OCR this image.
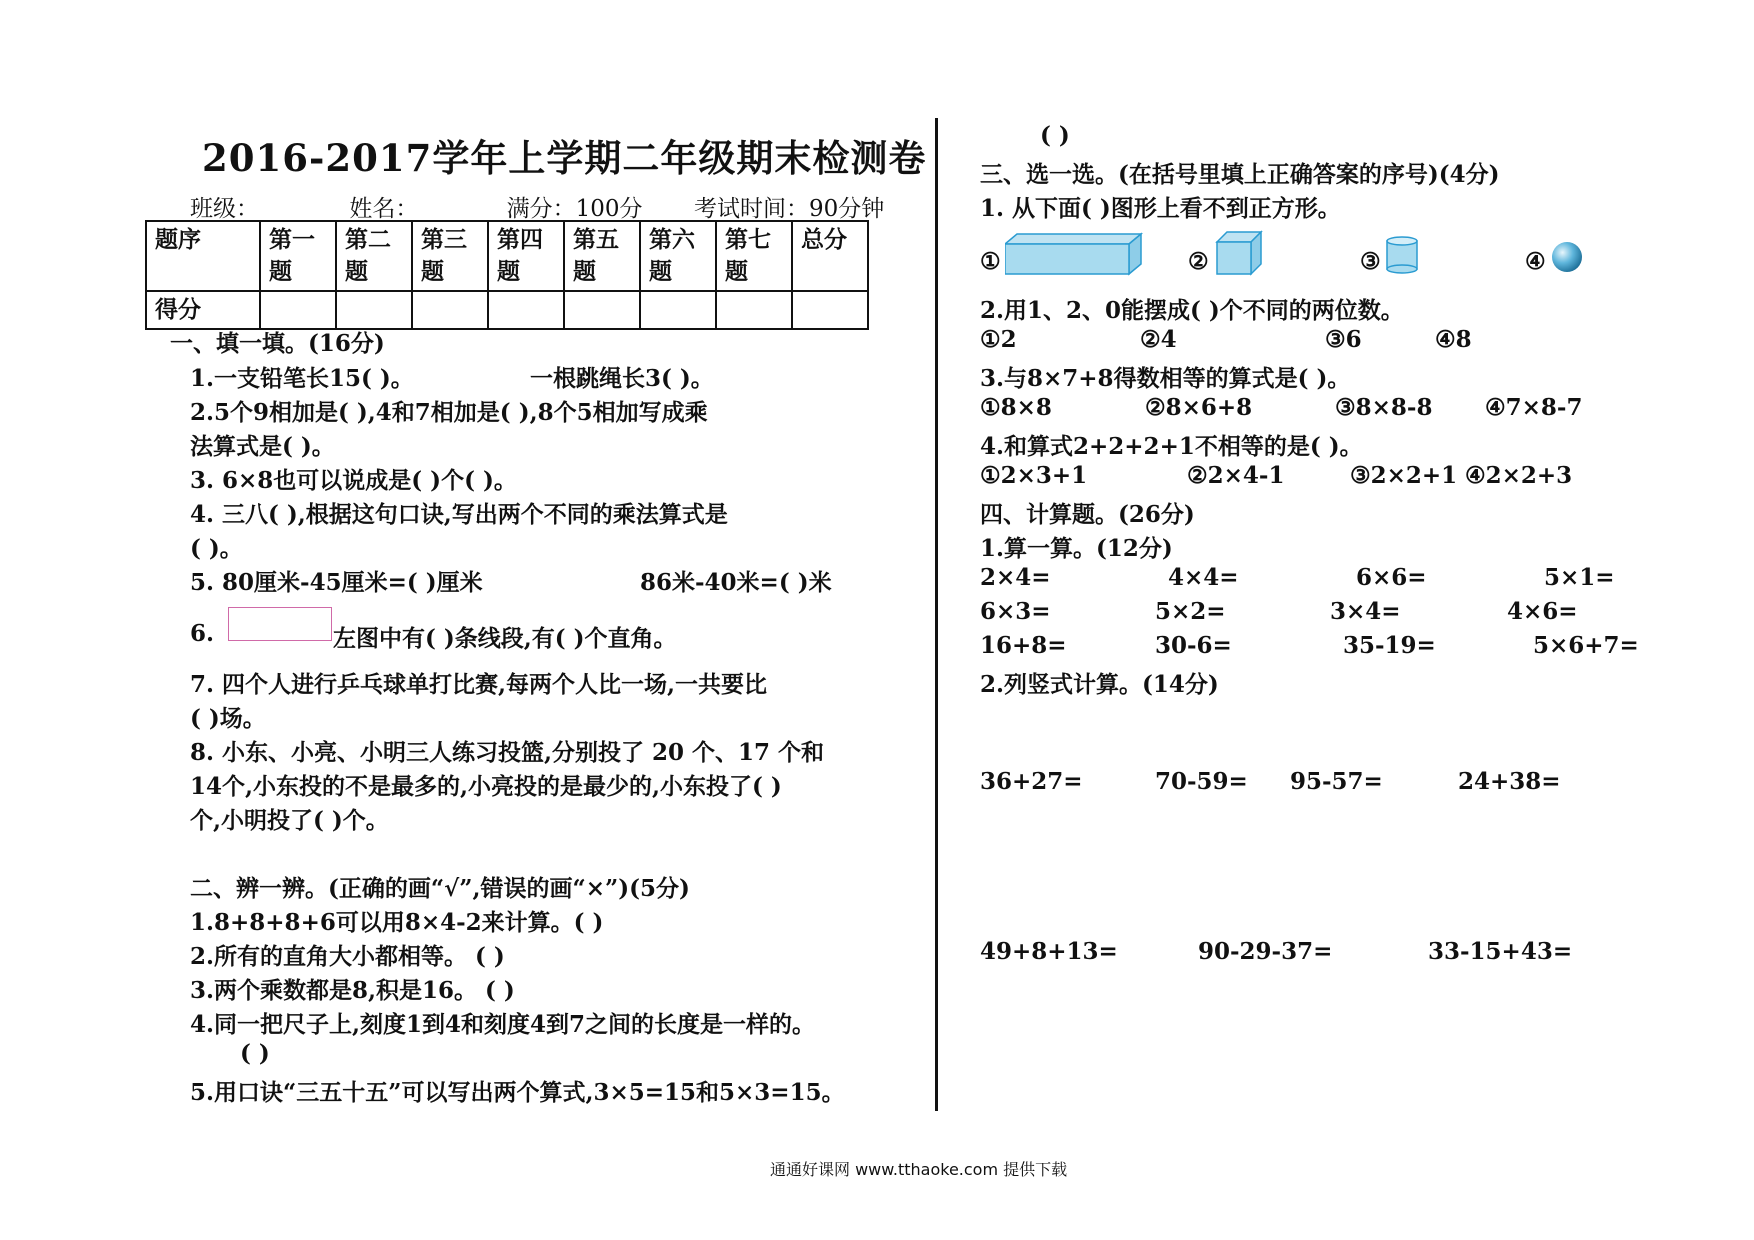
2016-2017学年上学期二年级期末检测卷
班级：	姓名：	满分：100分 考试时间：90分钟
题序	第一题	第二题	第三题	第四题	第五题	第六题	第七题	总分
得分								
一、填一填。(16分)
1.一支铅笔长15( )。	一根跳绳长3( )。
2.5个9相加是( ),4和7相加是( ),8个5相加写成乘
法算式是( )。
3. 6×8也可以说成是( )个( )。
4. 三八( ),根据这句口诀,写出两个不同的乘法算式是
( )。
5. 80厘米-45厘米=( )厘米	86米-40米=( )米
6.	左图中有( )条线段,有( )个直角。
7. 四个人进行乒乓球单打比赛,每两个人比一场,一共要比
( )场。
8. 小东、小亮、小明三人练习投篮,分别投了 20 个、17 个和
14个,小东投的不是最多的,小亮投的是最少的,小东投了( )
个,小明投了( )个。
二、辨一辨。(正确的画“√”,错误的画“×”)(5分)
1.8+8+8+6可以用8×4-2来计算。( )
2.所有的直角大小都相等。 ( )
3.两个乘数都是8,积是16。 ( )
4.同一把尺子上,刻度1到4和刻度4到7之间的长度是一样的。
( )
5.用口诀“三五十五”可以写出两个算式,3×5=15和5×3=15。
( )
三、选一选。(在括号里填上正确答案的序号)(4分)
1. 从下面( )图形上看不到正方形。
①	②	③	④
2.用1、2、0能摆成( )个不同的两位数。
①2	②4	③6	④8
3.与8×7+8得数相等的算式是( )。
①8×8	②8×6+8	③8×8-8 ④7×8-7
4.和算式2+2+2+1不相等的是( )。
①2×3+1	②2×4-1	③2×2+1 ④2×2+3
四、计算题。(26分)
1.算一算。(12分)
2×4=	4×4=	6×6=	5×1=
6×3=	5×2=	3×4=	4×6=
16+8=	30-6=	35-19=	5×6+7=
2.列竖式计算。(14分)
36+27=	70-59= 95-57=	24+38=
49+8+13=	90-29-37=	33-15+43=
通通好课网 www.tthaoke.com 提供下载
